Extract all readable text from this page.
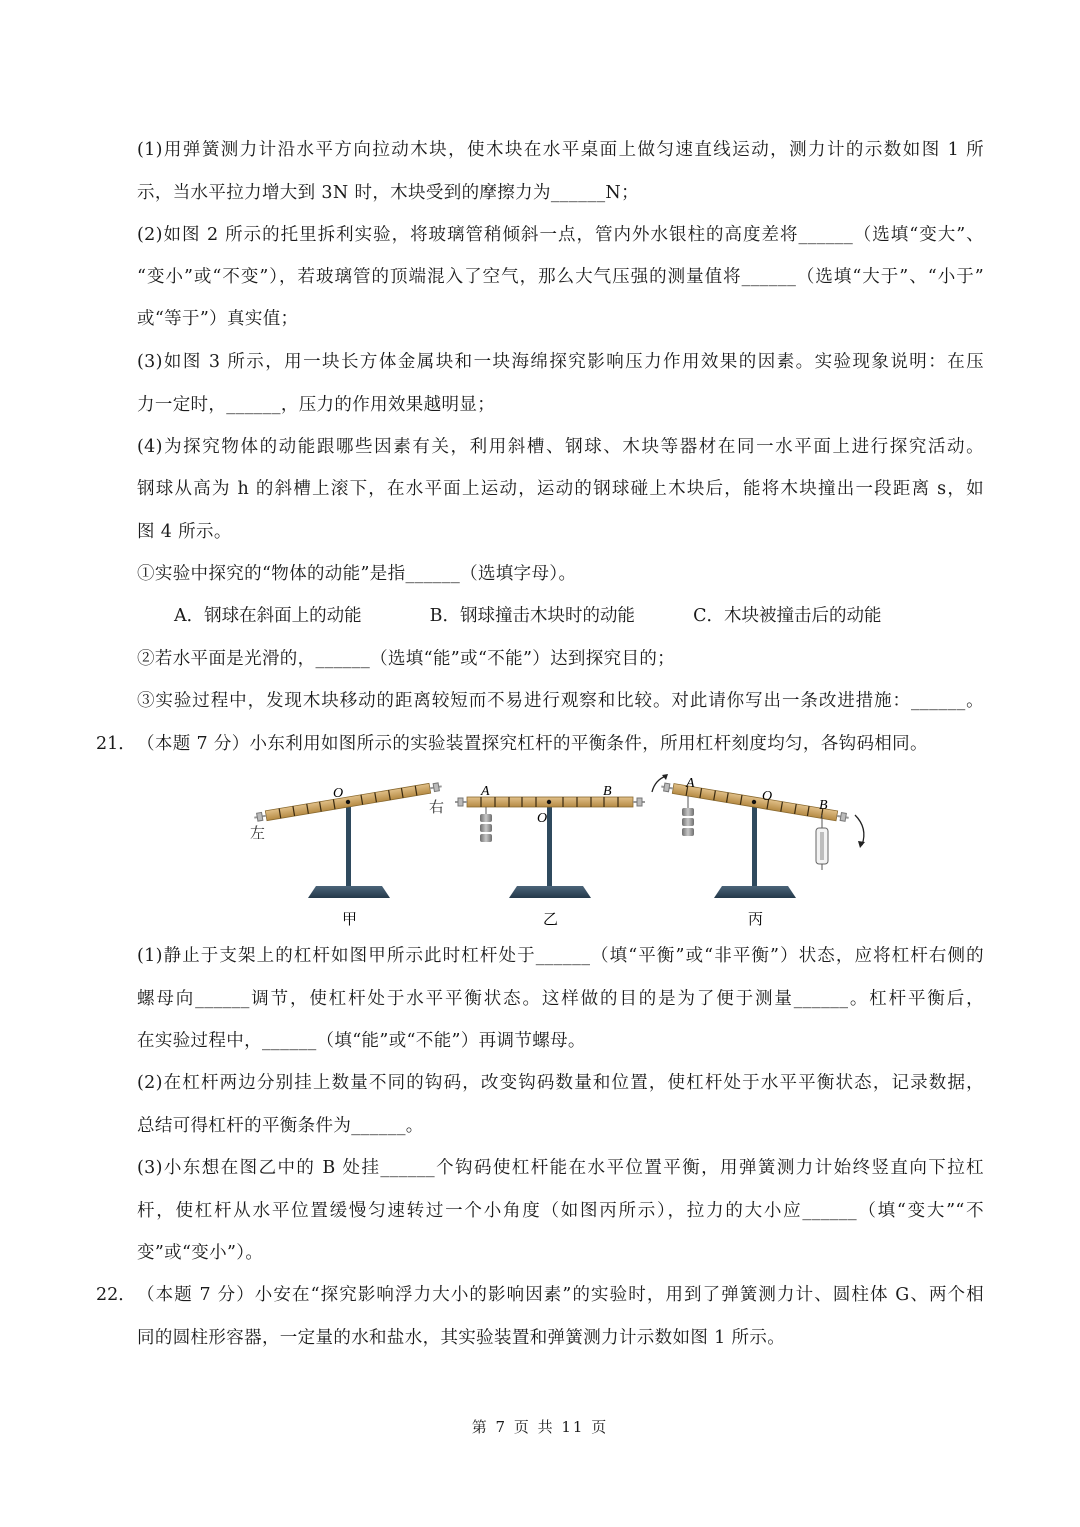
(1)用弹簧测力计沿水平方向拉动木块，使木块在水平桌面上做匀速直线运动，测力计的示数如图 1 所
示，当水平拉力增大到 3N 时，木块受到的摩擦力为______N；
(2)如图 2 所示的托里拆利实验，将玻璃管稍倾斜一点，管内外水银柱的高度差将______（选填“变大”、
“变小”或“不变”），若玻璃管的顶端混入了空气，那么大气压强的测量值将______（选填“大于”、“小于”
或“等于”）真实值；
(3)如图 3 所示，用一块长方体金属块和一块海绵探究影响压力作用效果的因素。实验现象说明：在压
力一定时，______，压力的作用效果越明显；
(4)为探究物体的动能跟哪些因素有关，利用斜槽、钢球、木块等器材在同一水平面上进行探究活动。
钢球从高为 h 的斜槽上滚下，在水平面上运动，运动的钢球碰上木块后，能将木块撞出一段距离 s，如
图 4 所示。
①实验中探究的“物体的动能”是指______（选填字母）。
A．钢球在斜面上的动能	B．钢球撞击木块时的动能	C．木块被撞击后的动能
②若水平面是光滑的，______（选填“能”或“不能”）达到探究目的；
③实验过程中，发现木块移动的距离较短而不易进行观察和比较。对此请你写出一条改进措施：______。
21． （本题 7 分）小东利用如图所示的实验装置探究杠杆的平衡条件，所用杠杆刻度均匀，各钩码相同。
O
左
右
甲
A	B
O
乙
A
B
O
丙
(1)静止于支架上的杠杆如图甲所示此时杠杆处于______（填“平衡”或“非平衡”）状态，应将杠杆右侧的
螺母向______调节，使杠杆处于水平平衡状态。这样做的目的是为了便于测量______。杠杆平衡后，
在实验过程中，______（填“能”或“不能”）再调节螺母。
(2)在杠杆两边分别挂上数量不同的钩码，改变钩码数量和位置，使杠杆处于水平平衡状态，记录数据，
总结可得杠杆的平衡条件为______。
(3)小东想在图乙中的 B 处挂______个钩码使杠杆能在水平位置平衡，用弹簧测力计始终竖直向下拉杠
杆，使杠杆从水平位置缓慢匀速转过一个小角度（如图丙所示），拉力的大小应______（填“变大”“不
变”或“变小”）。
22． （本题 7 分）小安在“探究影响浮力大小的影响因素”的实验时，用到了弹簧测力计、圆柱体 G、两个相
同的圆柱形容器，一定量的水和盐水，其实验装置和弹簧测力计示数如图 1 所示。
第 7 页 共 11 页
